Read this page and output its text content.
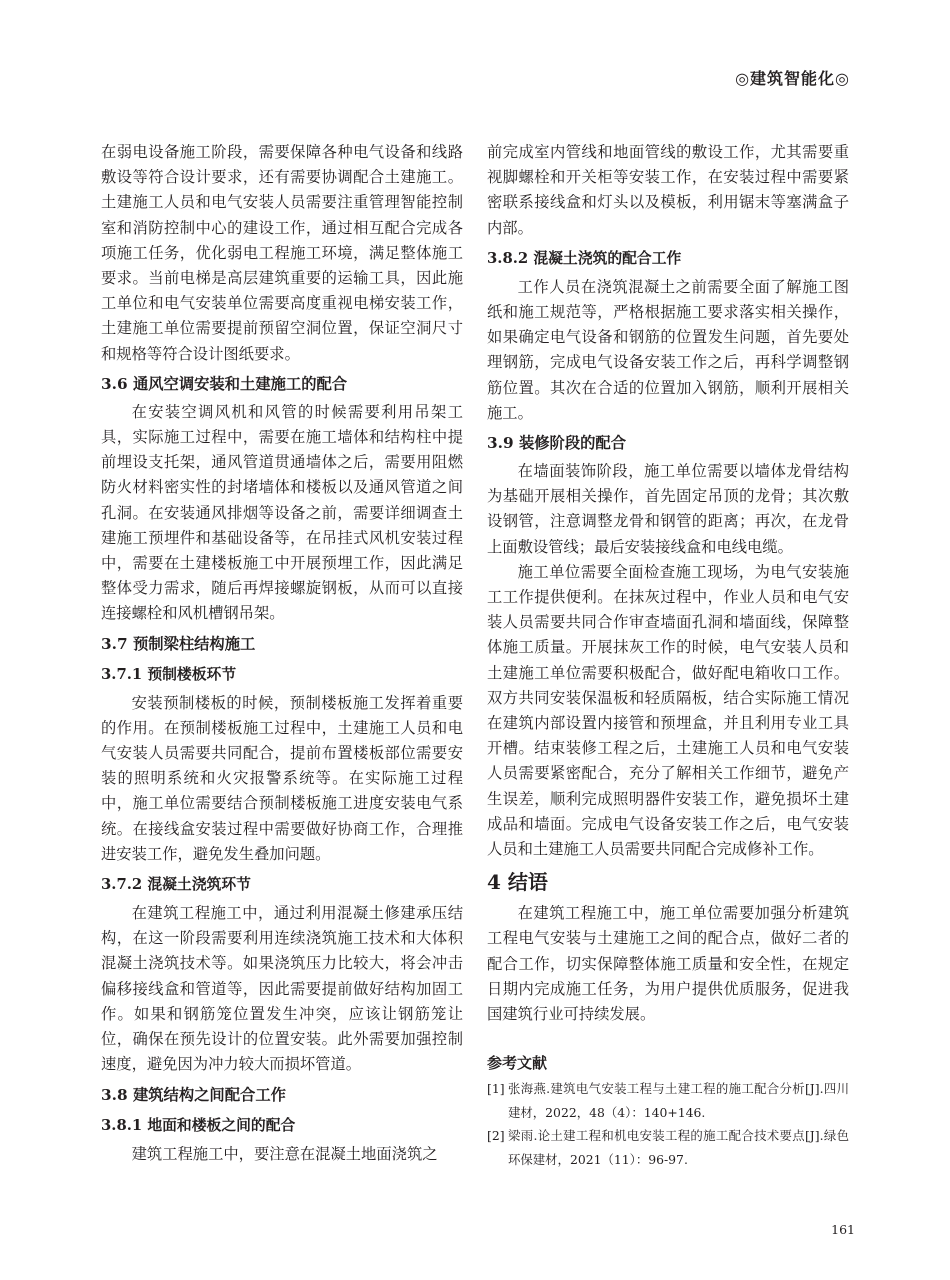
◎建筑智能化◎

在弱电设备施工阶段，需要保障各种电气设备和线路敷设等符合设计要求，还有需要协调配合土建施工。土建施工人员和电气安装人员需要注重管理智能控制室和消防控制中心的建设工作，通过相互配合完成各项施工任务，优化弱电工程施工环境，满足整体施工要求。当前电梯是高层建筑重要的运输工具，因此施工单位和电气安装单位需要高度重视电梯安装工作，土建施工单位需要提前预留空洞位置，保证空洞尺寸和规格等符合设计图纸要求。

3.6 通风空调安装和土建施工的配合

在安装空调风机和风管的时候需要利用吊架工具，实际施工过程中，需要在施工墙体和结构柱中提前埋设支托架，通风管道贯通墙体之后，需要用阻燃防火材料密实性的封堵墙体和楼板以及通风管道之间孔洞。在安装通风排烟等设备之前，需要详细调查土建施工预埋件和基础设备等，在吊挂式风机安装过程中，需要在土建楼板施工中开展预埋工作，因此满足整体受力需求，随后再焊接螺旋钢板，从而可以直接连接螺栓和风机槽钢吊架。

3.7 预制梁柱结构施工
3.7.1 预制楼板环节

安装预制楼板的时候，预制楼板施工发挥着重要的作用。在预制楼板施工过程中，土建施工人员和电气安装人员需要共同配合，提前布置楼板部位需要安装的照明系统和火灾报警系统等。在实际施工过程中，施工单位需要结合预制楼板施工进度安装电气系统。在接线盒安装过程中需要做好协商工作，合理推进安装工作，避免发生叠加问题。

3.7.2 混凝土浇筑环节

在建筑工程施工中，通过利用混凝土修建承压结构，在这一阶段需要利用连续浇筑施工技术和大体积混凝土浇筑技术等。如果浇筑压力比较大，将会冲击偏移接线盒和管道等，因此需要提前做好结构加固工作。如果和钢筋笼位置发生冲突，应该让钢筋笼让位，确保在预先设计的位置安装。此外需要加强控制速度，避免因为冲力较大而损坏管道。

3.8 建筑结构之间配合工作
3.8.1 地面和楼板之间的配合

建筑工程施工中，要注意在混凝土地面浇筑之

前完成室内管线和地面管线的敷设工作，尤其需要重视脚螺栓和开关柜等安装工作，在安装过程中需要紧密联系接线盒和灯头以及模板，利用锯末等塞满盒子内部。

3.8.2 混凝土浇筑的配合工作

工作人员在浇筑混凝土之前需要全面了解施工图纸和施工规范等，严格根据施工要求落实相关操作，如果确定电气设备和钢筋的位置发生问题，首先要处理钢筋，完成电气设备安装工作之后，再科学调整钢筋位置。其次在合适的位置加入钢筋，顺利开展相关施工。

3.9 装修阶段的配合

在墙面装饰阶段，施工单位需要以墙体龙骨结构为基础开展相关操作，首先固定吊顶的龙骨；其次敷设钢管，注意调整龙骨和钢管的距离；再次，在龙骨上面敷设管线；最后安装接线盒和电线电缆。

施工单位需要全面检查施工现场，为电气安装施工工作提供便利。在抹灰过程中，作业人员和电气安装人员需要共同合作审查墙面孔洞和墙面线，保障整体施工质量。开展抹灰工作的时候，电气安装人员和土建施工单位需要积极配合，做好配电箱收口工作。双方共同安装保温板和轻质隔板，结合实际施工情况在建筑内部设置内接管和预埋盒，并且利用专业工具开槽。结束装修工程之后，土建施工人员和电气安装人员需要紧密配合，充分了解相关工作细节，避免产生误差，顺利完成照明器件安装工作，避免损坏土建成品和墙面。完成电气设备安装工作之后，电气安装人员和土建施工人员需要共同配合完成修补工作。

4 结语

在建筑工程施工中，施工单位需要加强分析建筑工程电气安装与土建施工之间的配合点，做好二者的配合工作，切实保障整体施工质量和安全性，在规定日期内完成施工任务，为用户提供优质服务，促进我国建筑行业可持续发展。

参考文献
[1] 张海燕.建筑电气安装工程与土建工程的施工配合分析[J].四川建材，2022，48（4）：140+146.
[2] 梁雨.论土建工程和机电安装工程的施工配合技术要点[J].绿色环保建材，2021（11）：96-97.
161
